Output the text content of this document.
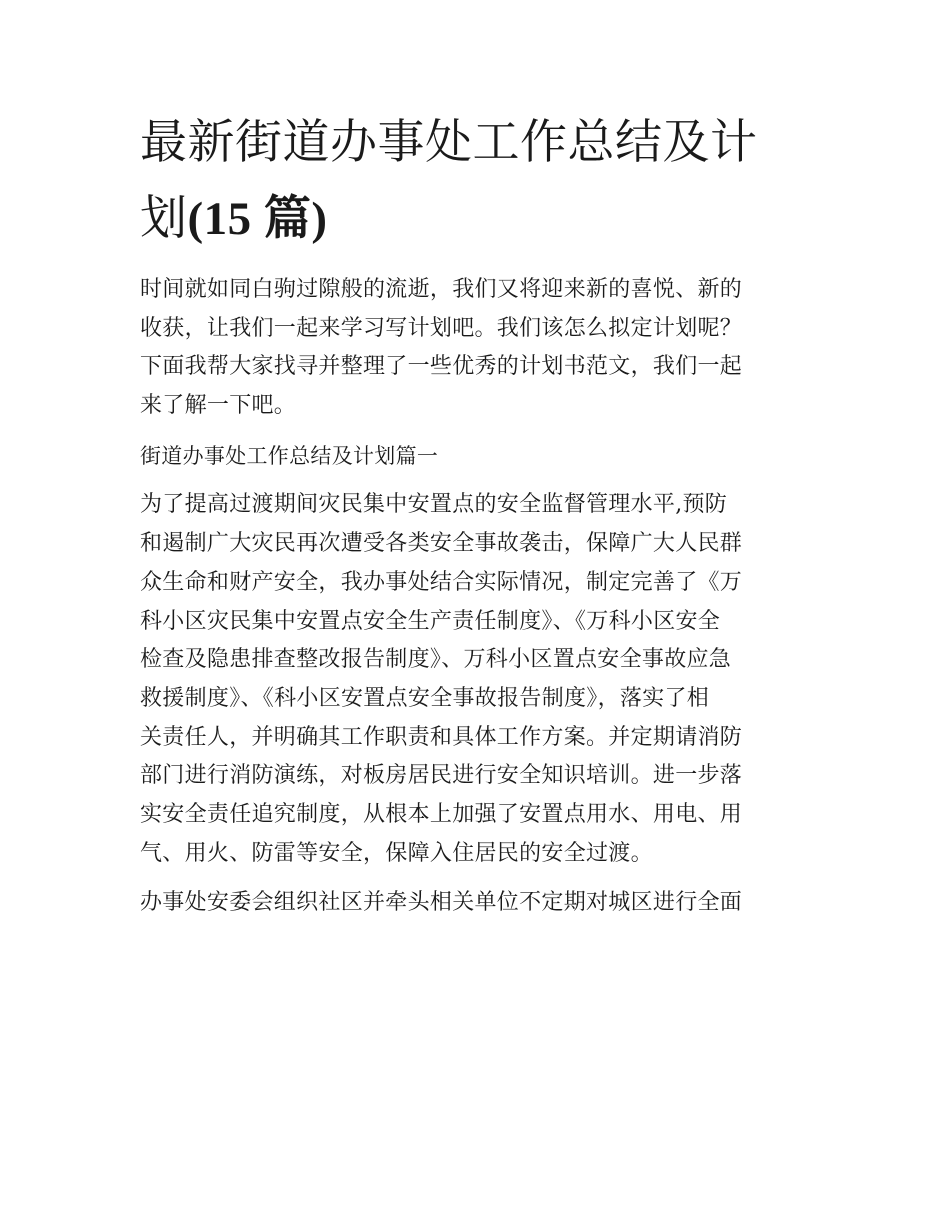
最新街道办事处工作总结及计
划(15 篇)
时间就如同白驹过隙般的流逝，我们又将迎来新的喜悦、新的
收获，让我们一起来学习写计划吧。我们该怎么拟定计划呢？
下面我帮大家找寻并整理了一些优秀的计划书范文，我们一起
来了解一下吧。
街道办事处工作总结及计划篇一
为了提高过渡期间灾民集中安置点的安全监督管理水平,预防
和遏制广大灾民再次遭受各类安全事故袭击，保障广大人民群
众生命和财产安全，我办事处结合实际情况，制定完善了《万
科小区灾民集中安置点安全生产责任制度》、《万科小区安全
检查及隐患排查整改报告制度》、万科小区置点安全事故应急
救援制度》、《科小区安置点安全事故报告制度》，落实了相
关责任人，并明确其工作职责和具体工作方案。并定期请消防
部门进行消防演练，对板房居民进行安全知识培训。进一步落
实安全责任追究制度，从根本上加强了安置点用水、用电、用
气、用火、防雷等安全，保障入住居民的安全过渡。
办事处安委会组织社区并牵头相关单位不定期对城区进行全面
